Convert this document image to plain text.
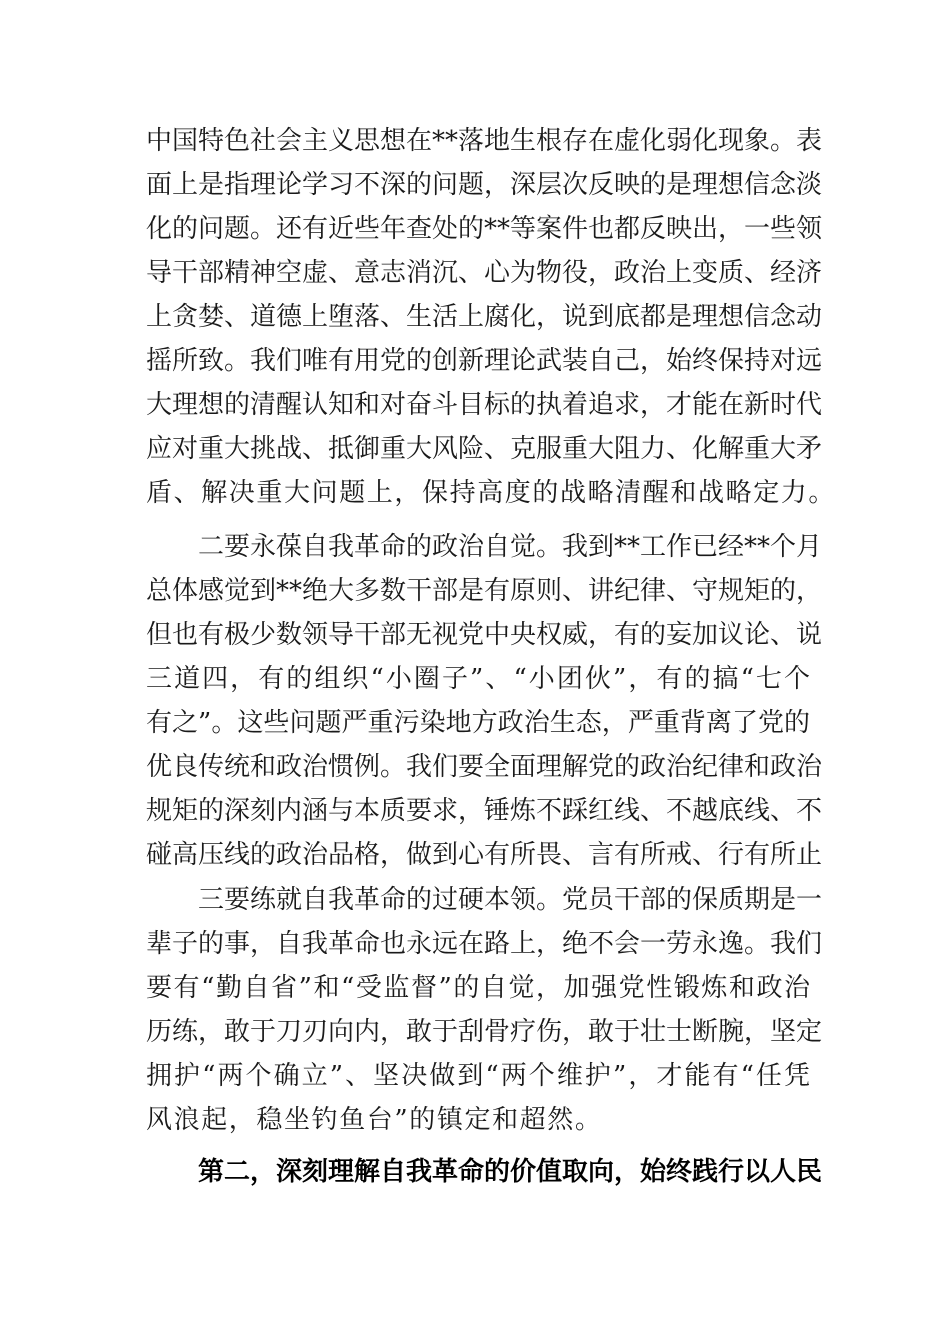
中国特色社会主义思想在**落地生根存在虚化弱化现象。表
面上是指理论学习不深的问题，深层次反映的是理想信念淡
化的问题。还有近些年查处的**等案件也都反映出，一些领
导干部精神空虚、意志消沉、心为物役，政治上变质、经济
上贪婪、道德上堕落、生活上腐化，说到底都是理想信念动
摇所致。我们唯有用党的创新理论武装自己，始终保持对远
大理想的清醒认知和对奋斗目标的执着追求，才能在新时代
应对重大挑战、抵御重大风险、克服重大阻力、化解重大矛
盾、解决重大问题上，保持高度的战略清醒和战略定力。
二要永葆自我革命的政治自觉。我到**工作已经**个月
总体感觉到**绝大多数干部是有原则、讲纪律、守规矩的，
但也有极少数领导干部无视党中央权威，有的妄加议论、说
三道四，有的组织“小圈子”、“小团伙”，有的搞“七个
有之”。这些问题严重污染地方政治生态，严重背离了党的
优良传统和政治惯例。我们要全面理解党的政治纪律和政治
规矩的深刻内涵与本质要求，锤炼不踩红线、不越底线、不
碰高压线的政治品格，做到心有所畏、言有所戒、行有所止
三要练就自我革命的过硬本领。党员干部的保质期是一
辈子的事，自我革命也永远在路上，绝不会一劳永逸。我们
要有“勤自省”和“受监督”的自觉，加强党性锻炼和政治
历练，敢于刀刃向内，敢于刮骨疗伤，敢于壮士断腕，坚定
拥护“两个确立”、坚决做到“两个维护”，才能有“任凭
风浪起，稳坐钓鱼台”的镇定和超然。
第二，深刻理解自我革命的价值取向，始终践行以人民
